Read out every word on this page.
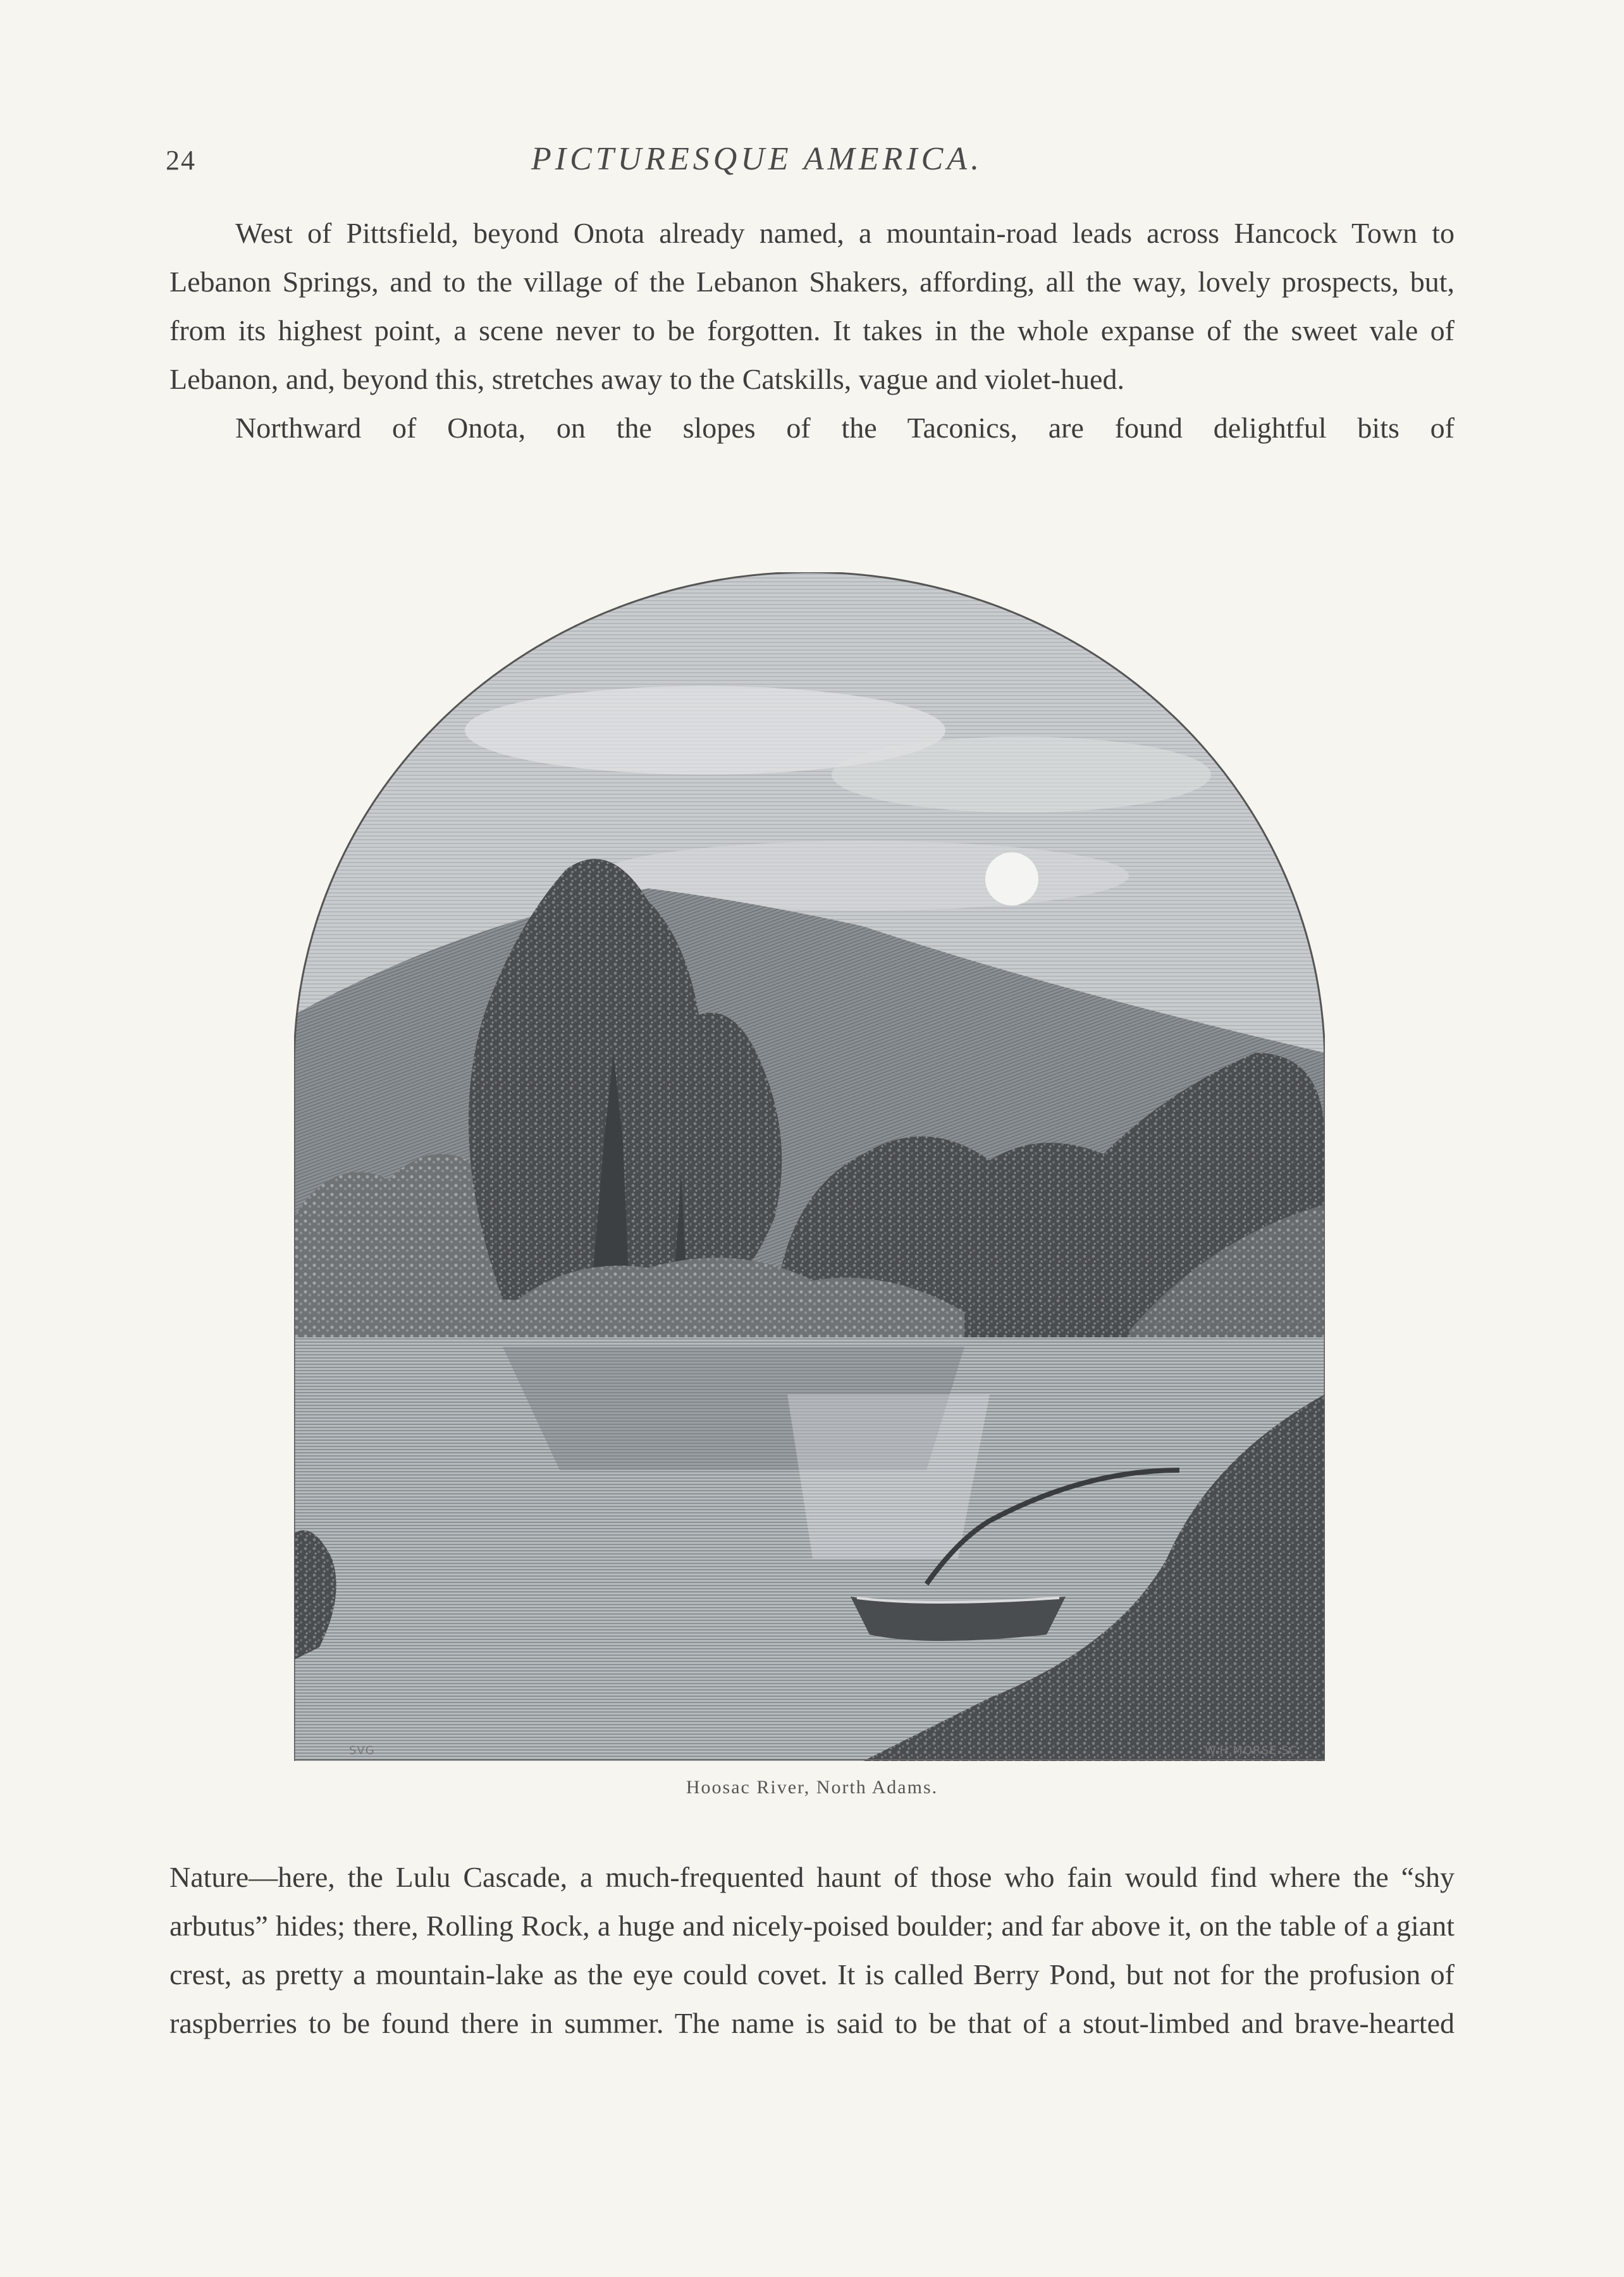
24	PICTURESQUE AMERICA.

West of Pittsfield, beyond Onota already named, a mountain-road leads across Hancock Town to Lebanon Springs, and to the village of the Lebanon Shakers, affording, all the way, lovely prospects, but, from its highest point, a scene never to be forgotten. It takes in the whole expanse of the sweet vale of Lebanon, and, beyond this, stretches away to the Catskills, vague and violet-hued.

Northward of Onota, on the slopes of the Taconics, are found delightful bits of

SVG	W.H.MORSE.SC
Hoosac River, North Adams.

Nature—here, the Lulu Cascade, a much-frequented haunt of those who fain would find where the “shy arbutus” hides; there, Rolling Rock, a huge and nicely-poised boulder; and far above it, on the table of a giant crest, as pretty a mountain-lake as the eye could covet. It is called Berry Pond, but not for the profusion of raspberries to be found there in summer. The name is said to be that of a stout-limbed and brave-hearted
